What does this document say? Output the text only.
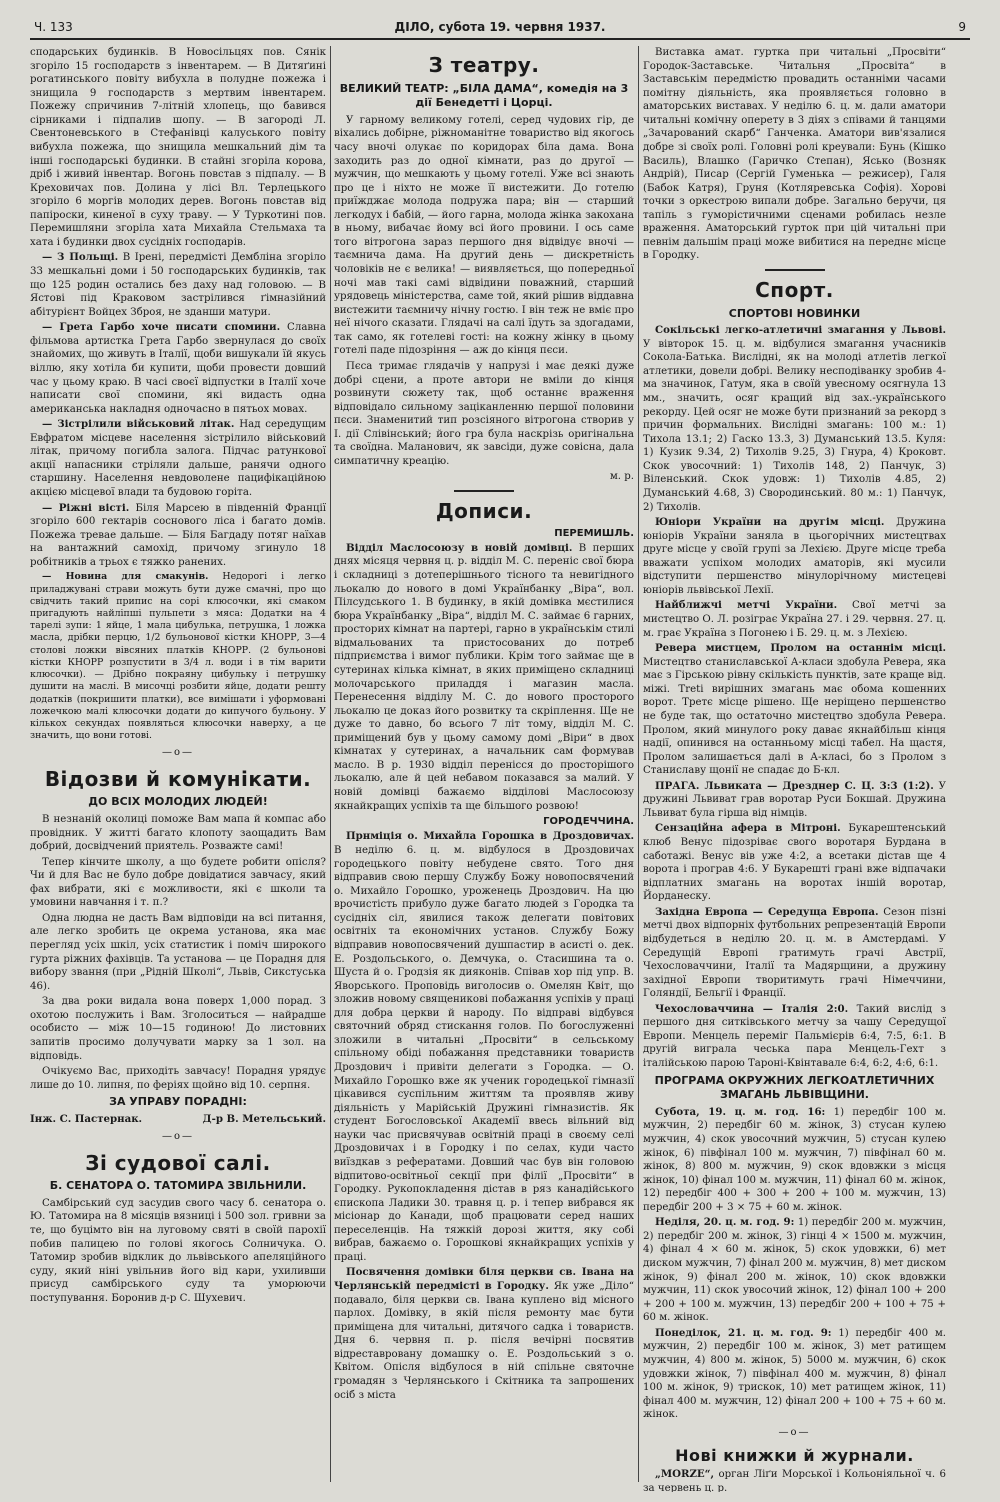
Ч. 133	ДІЛО, субота 19. червня 1937.	9

сподарських будинків. В Новосільцях пов. Сянік згоріло 15 господарств з інвентарем. — В Дитяґині рогатинського повіту вибухла в полудне пожежа і знищила 9 господарств з мертвим інвентарем. Пожежу спричинив 7-літній хлопець, що бавився сірниками і підпалив шопу. — В загороді Л. Свентоневського в Стефанівці калуського повіту вибухла пожежа, що знищила мешкальний дім та інші господарські будинки. В стайні згоріла корова, дріб і живий інвентар. Вогонь повстав з підпалу. — В Креховичах пов. Долина у лісі Вл. Терлецького згоріло 6 моргів молодих дерев. Вогонь повстав від папіроски, киненої в суху траву. — У Туркотині пов. Перемишляни згоріла хата Михайла Стельмаха та хата і будинки двох сусідніх господарів.

— З Польщі. В Ірені, передмісті Дембліна згоріло 33 мешкальні доми і 50 господарських будинків, так що 125 родин остались без даху над головою. — В Ястові під Краковом застрілився ґімназійний абітурієнт Войцех Зброя, не зданши матури.

— Грета Гарбо хоче писати спомини. Славна фільмова артистка Грета Гарбо звернулася до своїх знайомих, що живуть в Італії, щоби вишукали їй якусь віллю, яку хотіла би купити, щоби провести довший час у цьому краю. В часі своєї відпустки в Італії хоче написати свої спомини, які видасть одна американська накладня одночасно в пятьох мовах.

— Зістрілили військовий літак. Над середущим Евфратом місцеве населення зістрілило військовий літак, причому погибла залога. Підчас ратункової акції напасники стріляли дальше, ранячи одного старшину. Населення невдоволене пацифікаційною акцією місцевої влади та будовою горіта.

— Ріжні вісті. Біля Марсею в південній Франції згоріло 600 гектарів соснового ліса і багато домів. Пожежа тревае дальше. — Біля Багдаду потяг наїхав на вантажний самохід, причому згинуло 18 робітників а трьох є тяжко ранених.

— Новина для смакунів. Недорогі і легко приладжувані страви можуть бути дуже смачні, про що свідчить такий припис на сорі клюсочки, які смаком пригадують найліпші пульпети з мяса: Додатки на 4 тарелі зупи: 1 яйце, 1 мала цибулька, петрушка, 1 ложка масла, дрібки перцю, 1/2 бульонової кістки КНОРР, 3—4 столові ложки вівсяних платків КНОРР. (2 бульонові кістки КНОРР розпустити в 3/4 л. води і в тім варити клюсочки). — Дрібно покраяну цибульку і петрушку душити на маслі. В мисочці розбити яйце, додати решту додатків (покришити платки), все вимішати і уформовані ложечкою малі клюсочки додати до кипучого бульону. У кількох секундах появляться клюсочки наверху, а це значить, що вони готові.

—o—
Відозви й комунікати.
ДО ВСІХ МОЛОДИХ ЛЮДЕЙ!

В незнаній околиці поможе Вам мапа й компас або провідник. У житті багато клопоту заощадить Вам добрий, досвідчений приятель. Розважте самі!

Тепер кінчите школу, а що будете робити опісля? Чи й для Вас не було добре довідатися завчасу, який фах вибрати, які є можливости, які є школи та умовини навчання і т. п.?

Одна людна не дасть Вам відповіди на всі питання, але легко зробить це окрема установа, яка має перегляд усіх шкіл, усіх статистик і поміч широкого гурта ріжних фахівців. Та установа — це Порадня для вибору звання (при „Рідній Школі“, Львів, Сикстуська 46).

За два роки видала вона поверх 1,000 порад. З охотою послужить і Вам. Зголоситься — найрадше особисто — між 10—15 годиною! До листовних запитів просимо долучувати марку за 1 зол. на відповідь.

Очікуємо Вас, приходіть завчасу! Порадня урядує лише до 10. липня, по феріях щойно від 10. серпня.

ЗА УПРАВУ ПОРАДНІ:
Інж. С. Пастернак.	Д-р В. Метельський.
—o—
Зі судової салі.
Б. СЕНАТОРА О. ТАТОМИРА ЗВІЛЬНИЛИ.

Самбірський суд засудив свого часу б. сенатора о. Ю. Татомира на 8 місяців вязниці і 500 зол. гривни за те, що буцімто він на луговому святі в своїй парохії побив палицею по голові якогось Солничука. О. Татомир зробив відклик до львівського апеляційного суду, який ніні увільнив його від кари, ухиливши присуд самбірського суду та уморюючи поступування. Боронив д-р С. Шухевич.

З театру.
ВЕЛИКИЙ ТЕАТР: „БІЛА ДАМА“, комедія на 3 дії Бенедетті і Цорці.

У гарному великому готелі, серед чудових гір, де віхались добірне, ріжноманітне товариство від якогось часу вночі олукає по коридорах біла дама. Вона заходить раз до одної кімнати, раз до другої — мужчин, що мешкають у цьому готелі. Уже всі знають про це і ніхто не може її вистежити. До готелю приїжджає молода подружа пара; він — старший легкодух і бабій, — його гарна, молода жінка закохана в ньому, вибачає йому всі його провини. І ось саме того вітрогона зараз першого дня відвідує вночі — таємнича дама. На другий день — дискретність чоловіків не є велика! — виявляється, що попередньої ночі мав такі самі відвідини поважний, старший урядовець міністерства, саме той, який рішив віддавна вистежити таємничу нічну гостю. І він теж не вміє про неї нічого сказати. Глядачі на салі їдуть за здогадами, так само, як готелеві гості: на кожну жінку в цьому готелі паде підозріння — аж до кінця пєси.

Пєса тримає глядачів у напрузі і має деякі дуже добрі сцени, а проте автори не вміли до кінця розвинути сюжету так, щоб останнє враження відповідало сильному заціканленню першої половини пєси. Знаменитий тип розсіяного вітрогона створив у І. дії Слівінський; його гра була наскрізь оригінальна та своїдна. Маланович, як завсіди, дуже совісна, дала симпатичну креацію.

м. р.
Дописи.
ПЕРЕМИШЛЬ.

Відділ Маслосоюзу в новій домівці. В перших днях місяця червня ц. р. відділ М. С. переніс свої бюра і складниці з дотеперішнього тісного та невигідного льокалю до нового в домі Українбанку „Віра“, вол. Пілсудського 1. В будинку, в якій домівка мєстилися бюра Українбанку „Віра“, відділ М. С. займає 6 гарних, просторих кімнат на партері, гарно в українськім стилі відмальованих та пристосованих до потреб підприємства і вимог публики. Крім того займає ще в сутеринах кілька кімнат, в яких приміщено складниці молочарського приладдя і магазин масла. Перенесення відділу М. С. до нового просторого льокалю це доказ його розвитку та скріплення. Ще не дуже то давно, бо всього 7 літ тому, відділ М. С. приміщений був у цьому самому домі „Віри“ в двох кімнатах у сутеринах, а начальник сам формував масло. В р. 1930 відділ перенісся до просторішого льокалю, але й цей небавом показався за малий. У новій домівці бажаємо відділові Маслосоюзу якнайкращих успіхів та ще більшого розвою!

ГОРОДЕЧЧИНА.

Прнміція о. Михайла Горошка в Дроздовичах. В неділю 6. ц. м. відбулося в Дроздовичах городецького повіту небудене свято. Того дня відправив свою першу Службу Божу новопосвячений о. Михайло Горошко, уроженець Дроздович. На цю врочистість прибуло дуже багато людей з Городка та сусідніх сіл, явилися також делегати повітових освітніх та економічних установ. Службу Божу відправив новопосвячений душпастир в асисті о. дек. Е. Роздольського, о. Демчука, о. Стасишина та о. Шуста й о. Гродзія як дияконів. Співав хор під упр. В. Яворського. Проповідь виголосив о. Омелян Квіт, що зложив новому священикові побажання успіхів у праці для добра церкви й народу. По відправі відбувся святочний обряд стискання голов. По богослуженні зложили в читальні „Просвіти“ в сельському спільному обіді побажання представники товариств Дроздович і привіти делегати з Городка. — О. Михайло Горошко вже як ученик городецької гімназії цікавився суспільним життям та проявляв живу діяльність у Марійській Дружині гімназистів. Як студент Богословської Академії ввесь вільний від науки час присвячував освітній праці в своєму селі Дроздовичах і в Городку і по селах, куди часто виїздкав з рефератами. Довший час був він головою відпитово-освітньої секції при філії „Просвіти“ в Городку. Рукопокладення дістав в ряз канадійського єпископа Ладики 30. травня ц. р. і тепер вибрався як місіонар до Канади, щоб працювати серед наших переселенців. На тяжкій дорозі життя, яку собі вибрав, бажаємо о. Горошкові якнайкращих успіхів у праці.

Посвячення домівки біля церкви св. Івана на Черлянській передмісті в Городку. Як уже „Діло“ подавало, біля церкви св. Івана куплено від місного парлох. Домівку, в якій після ремонту має бути приміщена для читальні, дитячого садка і товариств. Дня 6. червня п. р. після вечірні посвятив відреставровану домашку о. Е. Роздольський з о. Квітом. Опісля відбулося в ній спільне святочне громадян з Черлянського і Скітника та запрошених осіб з міста

Виставка амат. гуртка при читальні „Просвіти“ Городок-Заставське. Читальня „Просвіта“ в Заставськім передмістю провадить останніми часами помітну діяльність, яка проявляється головно в аматорських виставах. У неділю 6. ц. м. дали аматори читальні комічну оперету в 3 діях з співами й танцями „Зачарований скарб“ Ганченка. Аматори вив'язалися добре зі своїх ролі. Головні ролі креували: Бунь (Кішко Василь), Влашко (Гаричко Степан), Ясько (Возняк Андрій), Писар (Сергій Гуменька — режисер), Галя (Бабок Катря), Груня (Котляревська Софія). Хорові точки з оркестрою випали добре. Загально беручи, ця тапіль з гуморістичними сценами робилась незле враження. Аматорський гурток при цій читальні при певнім дальшім праці може вибитися на переднє місце в Городку.

Спорт.
СПОРТОВІ НОВИНКИ

Сокільські легко-атлетичні змагання у Львові. У вівторок 15. ц. м. відбулися змагання учасників Сокола-Батька. Вислідні, як на молоді атлетів легкої атлетики, довели добрі. Велику несподіванку зробив 4-ма значинок, Гатум, яка в своїй увесному осягнула 13 мм., значить, осяг кращий від зах.-українського рекорду. Цей осяг не може бути признаний за рекорд з причин формальних. Вислідні змагань: 100 м.: 1) Тихола 13.1; 2) Гаско 13.3, 3) Думанський 13.5. Куля: 1) Кузик 9.34, 2) Тихолів 9.25, 3) Гнура, 4) Кроковт. Скок увосочний: 1) Тихолів 148, 2) Панчук, 3) Віленський. Скок удовж: 1) Тихолів 4.85, 2) Думанський 4.68, 3) Свородинський. 80 м.: 1) Панчук, 2) Тихолів.

Юніори України на другім місці. Дружина юніорів України заняла в цьогорічних мистецтвах друге місце у своїй групі за Лехією. Друге місце треба вважати успіхом молодих аматорів, які мусили відступити першенство мінулорічному мистецеві юніорів львівської Лехії.

Найближчі метчі України. Свої метчі за мистецтво О. Л. розіграє Україна 27. і 29. червня. 27. ц. м. грає Україна з Погонею і Б. 29. ц. м. з Лехією.

Ревера мистцем, Пролом на останнім місці. Мистецтво станиславської А-класи здобула Ревера, яка має з Гірською рівну скількість пунктів, зате краще від. міжі. Тreti вирішних змагань має обома кошенних ворот. Третє місце рішено. Ще неріщено першенство не буде так, що остаточно мистецтво здобула Ревера. Пролом, який минулого року даває якнайбільш кінця надії, опинився на останньому місці табел. На щастя, Пролом залишається далі в А-класі, бо з Пролом з Станиславу щонії не спадає до Б-кл.

ПРАГА. Львиката — Дрезднер С. Ц. 3:3 (1:2). У дружині Львиват грав воротар Руси Бокшай. Дружина Львиват була гірша від німців.

Сензаційна афера в Мітроні. Букарештенський клюб Венус підозріває свого воротаря Бурдана в саботажі. Венус вів уже 4:2, а всетаки дістав ще 4 ворота і програв 4:6. У Букарешті грані вже відпачаки відплатних змагань на воротах іншій воротар, Йорданеску.

Західна Европа — Середуща Европа. Сезон пізні метчі двох відпорніх футбольних репрезентацій Европи відбудеться в неділю 20. ц. м. в Амстердамі. У Середущій Европі гратимуть грачі Австрії, Чехословаччини, Італії та Мадярщини, а дружину західної Европи творитимуть грачі Німеччини, Голяндії, Бельгії і Франції.

Чехословаччина — Італія 2:0. Такий вислід з першого дня ситківського метчу за чашу Середущої Европи. Менцель переміг Пальмієрів 6:4, 7:5, 6:1. В другій виграла чеська пара Менцель-Гехт з італійською парою Тароні-Квінтавале 6:4, 6:2, 4:6, 6:1.

ПРОГРАМА ОКРУЖНИХ ЛЕГКОАТЛЕТИЧНИХ ЗМАГАНЬ ЛЬВІВЩИНИ.

Субота, 19. ц. м. год. 16: 1) передбіг 100 м. мужчин, 2) передбіг 60 м. жінок, 3) стусан кулею мужчин, 4) скок увосочний мужчин, 5) стусан кулею жінок, 6) півфінал 100 м. мужчин, 7) півфінал 60 м. жінок, 8) 800 м. мужчин, 9) скок вдовжки з місця жінок, 10) фінал 100 м. мужчин, 11) фінал 60 м. жінок, 12) передбіг 400 + 300 + 200 + 100 м. мужчин, 13) передбіг 200 + 3 × 75 + 60 м. жінок.

Неділя, 20. ц. м. год. 9: 1) передбіг 200 м. мужчин, 2) передбіг 200 м. жінок, 3) гінці 4 × 1500 м. мужчин, 4) фінал 4 × 60 м. жінок, 5) скок удовжки, 6) мет диском мужчин, 7) фінал 200 м. мужчин, 8) мет диском жінок, 9) фінал 200 м. жінок, 10) скок вдовжки мужчин, 11) скок увосочий жінок, 12) фінал 100 + 200 + 200 + 100 м. мужчин, 13) передбіг 200 + 100 + 75 + 60 м. жінок.

Понеділок, 21. ц. м. год. 9: 1) передбіг 400 м. мужчин, 2) передбіг 100 м. жінок, 3) мет ратищем мужчин, 4) 800 м. жінок, 5) 5000 м. мужчин, 6) скок удовжки жінок, 7) півфінал 400 м. мужчин, 8) фінал 100 м. жінок, 9) трискок, 10) мет ратищем жінок, 11) фінал 400 м. мужчин, 12) фінал 200 + 100 + 75 + 60 м. жінок.

—o—
Нові книжки й журнали.

„MORZE“, орган Ліґи Морської і Кольоніяльної ч. 6 за червень ц. р.
